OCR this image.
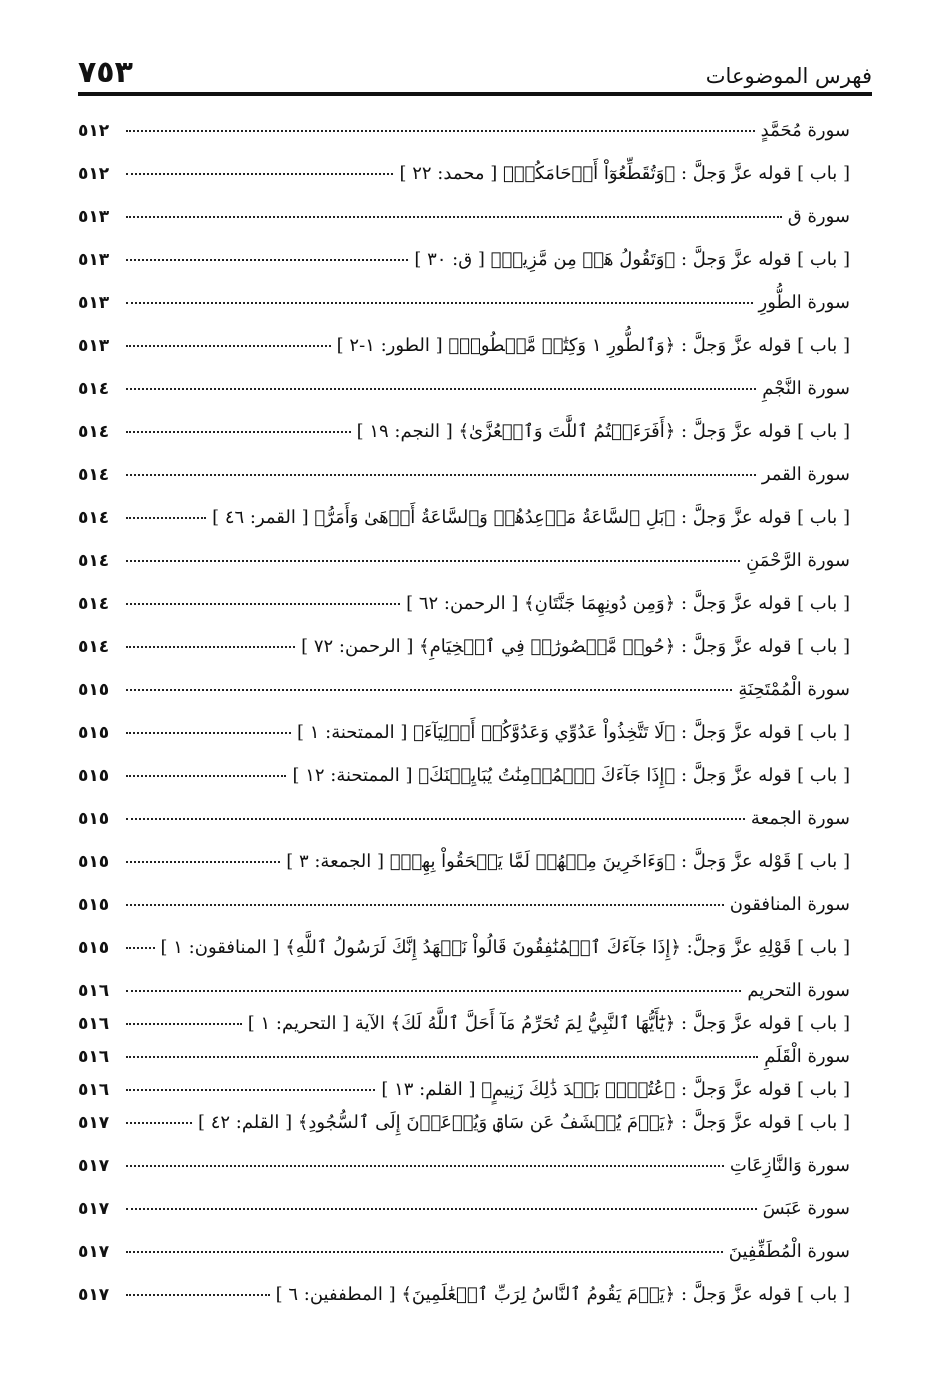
٧٥٣	فهرس الموضوعات
سورة مُحَمَّدٍ
٥١٢
[ باب ] قوله عزَّ وَجلَّ : ﴿وَتُقَطِّعُوٓاْ أَرۡحَامَكُمۡ﴾ [ محمد: ٢٢ ]
٥١٢
سورة ق
٥١٣
[ باب ] قوله عزَّ وَجلَّ : ﴿وَتَقُولُ هَلۡ مِن مَّزِيدٖ﴾ [ ق: ٣٠ ]
٥١٣
سورة الطُّورِ
٥١٣
[ باب ] قوله عزَّ وَجلَّ : ﴿وَٱلطُّورِ ١ وَكِتَٰبٖ مَّسۡطُورٖ﴾ [ الطور: ١-٢ ]
٥١٣
سورة النَّجْمِ
٥١٤
[ باب ] قوله عزَّ وَجلَّ : ﴿أَفَرَءَيۡتُمُ ٱللَّٰتَ وَٱلۡعُزَّىٰ﴾ [ النجم: ١٩ ]
٥١٤
سورة القمر
٥١٤
[ باب ] قوله عزَّ وَجلَّ : ﴿بَلِ ٱلسَّاعَةُ مَوۡعِدُهُمۡ وَٱلسَّاعَةُ أَدۡهَىٰ وَأَمَرُّ﴾ [ القمر: ٤٦ ]
٥١٤
سورة الرَّحْمَنِ
٥١٤
[ باب ] قوله عزَّ وَجلَّ : ﴿وَمِن دُونِهِمَا جَنَّتَانِ﴾ [ الرحمن: ٦٢ ]
٥١٤
[ باب ] قوله عزَّ وَجلَّ : ﴿حُورٞ مَّقۡصُورَٰتٞ فِي ٱلۡخِيَامِ﴾ [ الرحمن: ٧٢ ]
٥١٤
سورة الْمُمْتَحِنَةِ
٥١٥
[ باب ] قوله عزَّ وَجلَّ : ﴿لَا تَتَّخِذُواْ عَدُوِّي وَعَدُوَّكُمۡ أَوۡلِيَآءَ﴾ [ الممتحنة: ١ ]
٥١٥
[ باب ] قوله عزَّ وَجلَّ : ﴿إِذَا جَآءَكَ ٱلۡمُؤۡمِنَٰتُ يُبَايِعۡنَكَ﴾ [ الممتحنة: ١٢ ]
٥١٥
سورة الجمعة
٥١٥
[ باب ] قَوْله عزَّ وَجلَّ : ﴿وَءَاخَرِينَ مِنۡهُمۡ لَمَّا يَلۡحَقُواْ بِهِمۡ﴾ [ الجمعة: ٣ ]
٥١٥
سورة المنافقون
٥١٥
[ باب ] قَوْلِهِ عزَّ وَجلَّ: ﴿إِذَا جَآءَكَ ٱلۡمُنَٰفِقُونَ قَالُواْ نَشۡهَدُ إِنَّكَ لَرَسُولُ ٱللَّهِ﴾ [ المنافقون: ١ ]
٥١٥
سورة التحريم
٥١٦
[ باب ] قوله عزَّ وَجلَّ : ﴿يَٰٓأَيُّهَا ٱلنَّبِيُّ لِمَ تُحَرِّمُ مَآ أَحَلَّ ٱللَّهُ لَكَ﴾ الآية [ التحريم: ١ ]
٥١٦
سورة الْقَلَمِ
٥١٦
[ باب ] قوله عزَّ وَجلَّ : ﴿عُتُلِّۢ بَعۡدَ ذَٰلِكَ زَنِيمٍ﴾ [ القلم: ١٣ ]
٥١٦
[ باب ] قوله عزَّ وَجلَّ : ﴿يَوۡمَ يُكۡشَفُ عَن سَاقٖ وَيُدۡعَوۡنَ إِلَى ٱلسُّجُودِ﴾ [ القلم: ٤٢ ]
٥١٧
سورة وَالنَّازِعَاتِ
٥١٧
سورة عَبَسَ
٥١٧
سورة الْمُطَفِّفِينَ
٥١٧
[ باب ] قوله عزَّ وَجلَّ : ﴿يَوۡمَ يَقُومُ ٱلنَّاسُ لِرَبِّ ٱلۡعَٰلَمِينَ﴾ [ المطففين: ٦ ]
٥١٧
